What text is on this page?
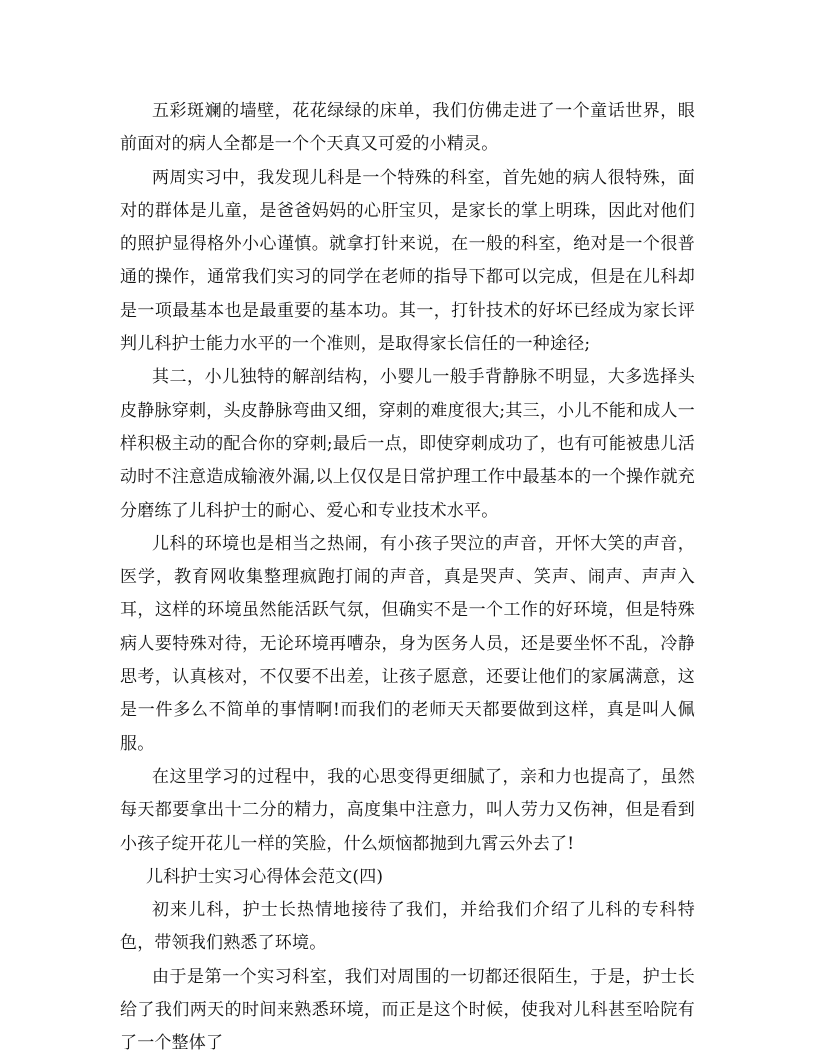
五彩斑斓的墙壁，花花绿绿的床单，我们仿佛走进了一个童话世界，眼前面对的病人全都是一个个天真又可爱的小精灵。

两周实习中，我发现儿科是一个特殊的科室，首先她的病人很特殊，面对的群体是儿童，是爸爸妈妈的心肝宝贝，是家长的掌上明珠，因此对他们的照护显得格外小心谨慎。就拿打针来说，在一般的科室，绝对是一个很普通的操作，通常我们实习的同学在老师的指导下都可以完成，但是在儿科却是一项最基本也是最重要的基本功。其一，打针技术的好坏已经成为家长评判儿科护士能力水平的一个准则，是取得家长信任的一种途径;

其二，小儿独特的解剖结构，小婴儿一般手背静脉不明显，大多选择头皮静脉穿刺，头皮静脉弯曲又细，穿刺的难度很大;其三，小儿不能和成人一样积极主动的配合你的穿刺;最后一点，即使穿刺成功了，也有可能被患儿活动时不注意造成输液外漏,以上仅仅是日常护理工作中最基本的一个操作就充分磨练了儿科护士的耐心、爱心和专业技术水平。

儿科的环境也是相当之热闹，有小孩子哭泣的声音，开怀大笑的声音，医学，教育网收集整理疯跑打闹的声音，真是哭声、笑声、闹声、声声入耳，这样的环境虽然能活跃气氛，但确实不是一个工作的好环境，但是特殊病人要特殊对待，无论环境再嘈杂，身为医务人员，还是要坐怀不乱，冷静思考，认真核对，不仅要不出差，让孩子愿意，还要让他们的家属满意，这是一件多么不简单的事情啊!而我们的老师天天都要做到这样，真是叫人佩服。

在这里学习的过程中，我的心思变得更细腻了，亲和力也提高了，虽然每天都要拿出十二分的精力，高度集中注意力，叫人劳力又伤神，但是看到小孩子绽开花儿一样的笑脸，什么烦恼都抛到九霄云外去了!

儿科护士实习心得体会范文(四)

初来儿科，护士长热情地接待了我们，并给我们介绍了儿科的专科特色，带领我们熟悉了环境。

由于是第一个实习科室，我们对周围的一切都还很陌生，于是，护士长给了我们两天的时间来熟悉环境，而正是这个时候，使我对儿科甚至哈院有了一个整体了
